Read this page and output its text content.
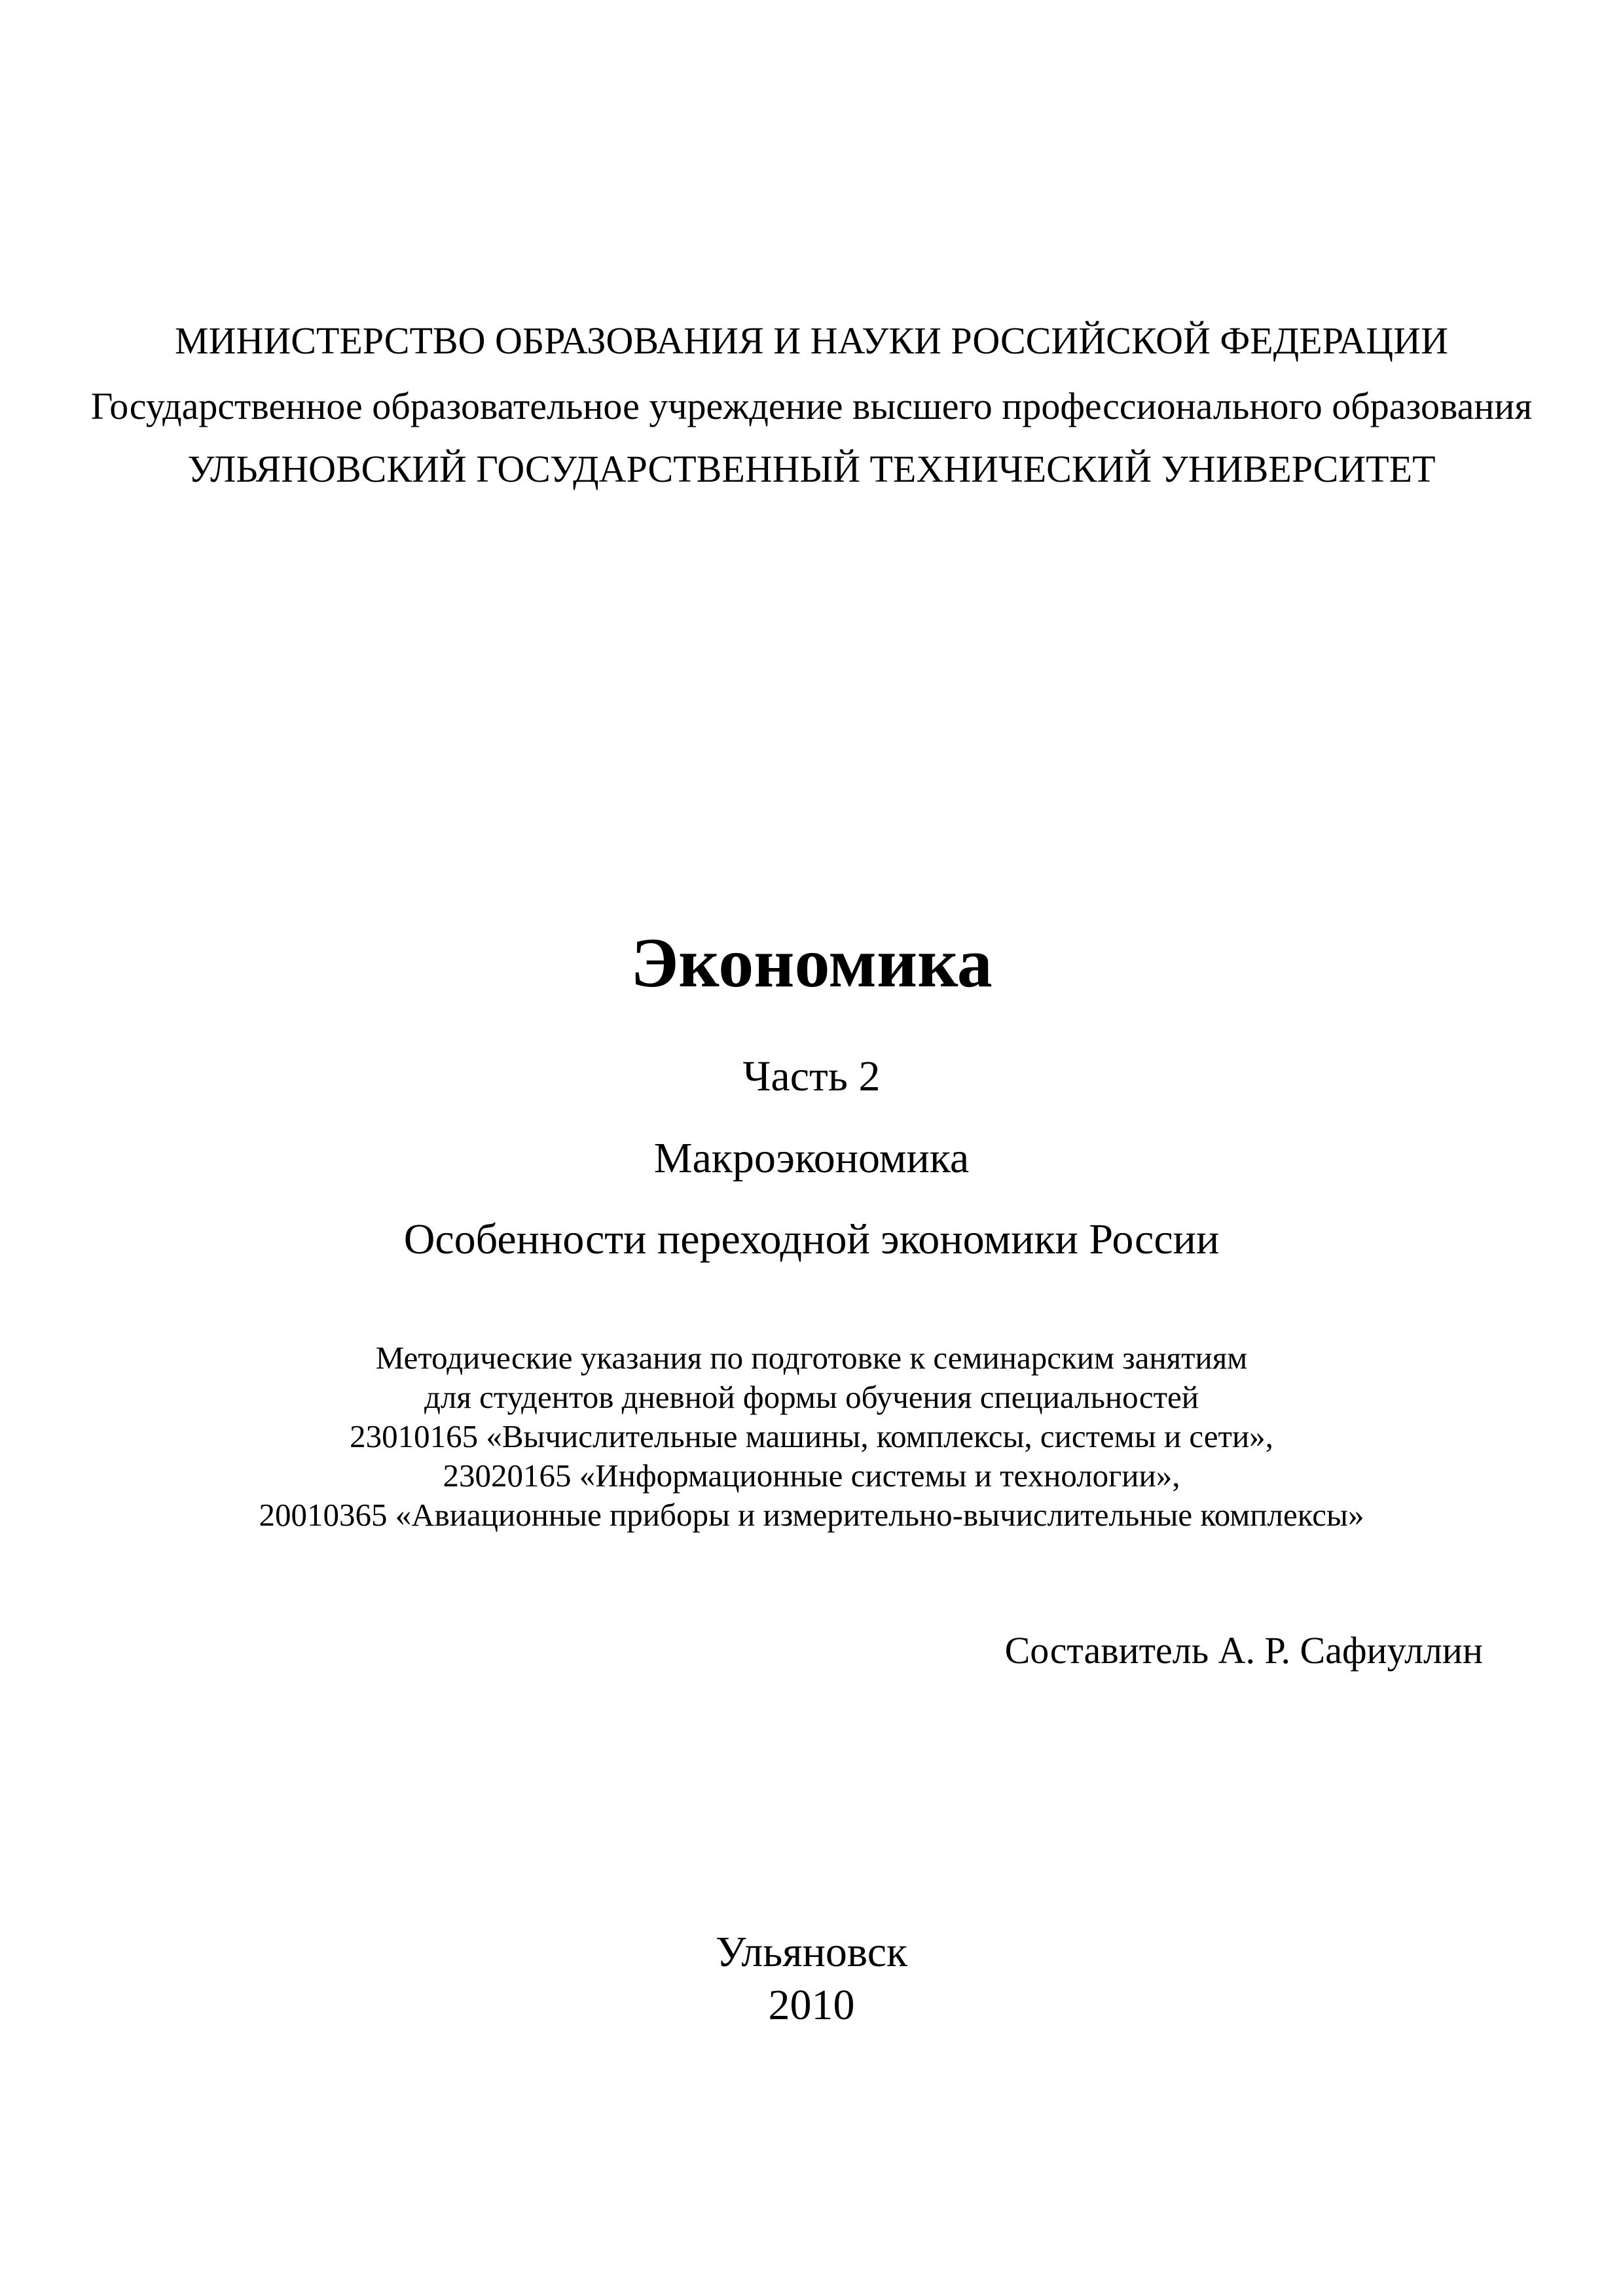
МИНИСТЕРСТВО ОБРАЗОВАНИЯ И НАУКИ РОССИЙСКОЙ ФЕДЕРАЦИИ
Государственное образовательное учреждение высшего профессионального образования
УЛЬЯНОВСКИЙ ГОСУДАРСТВЕННЫЙ ТЕХНИЧЕСКИЙ УНИВЕРСИТЕТ
Экономика
Часть 2
Макроэкономика
Особенности переходной экономики России
Методические указания по подготовке к семинарским занятиям
для студентов дневной формы обучения специальностей
23010165 «Вычислительные машины, комплексы, системы и сети»,
23020165 «Информационные системы и технологии»,
20010365 «Авиационные приборы и измерительно-вычислительные комплексы»
Составитель А. Р. Сафиуллин
Ульяновск
2010
